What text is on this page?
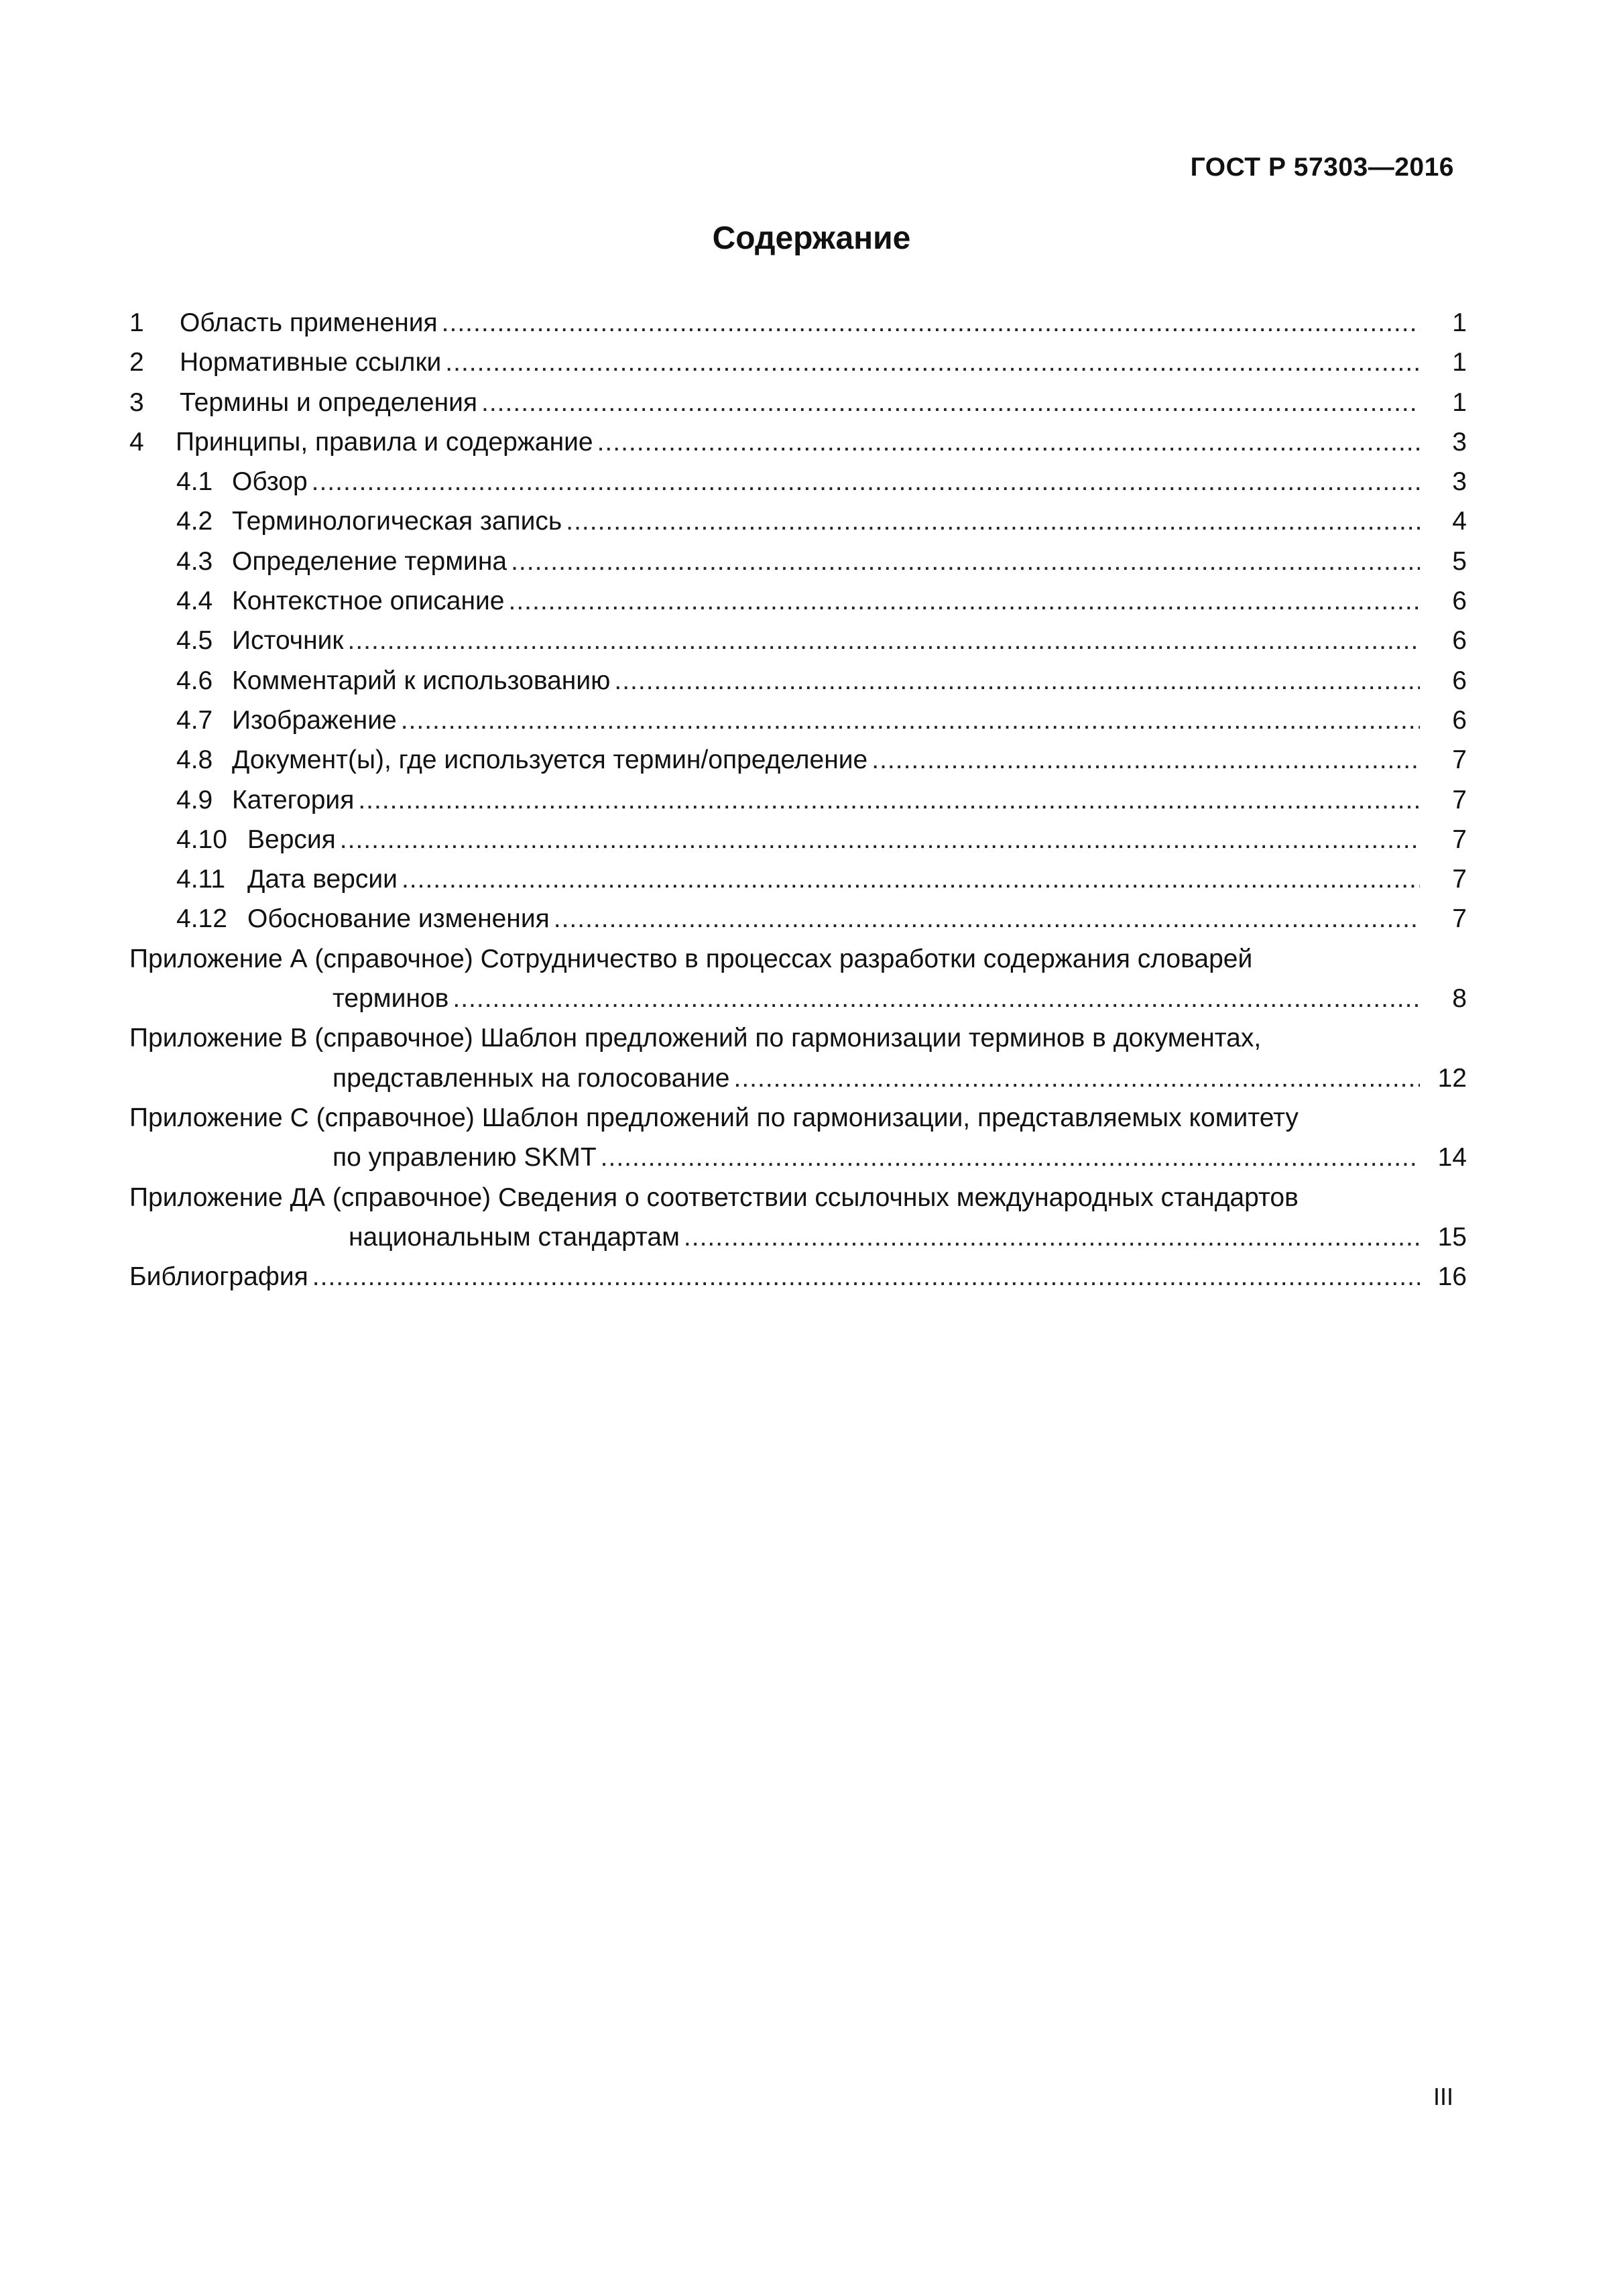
ГОСТ Р 57303—2016
Содержание
1 Область применения .....	1
2 Нормативные ссылки .....	1
3 Термины и определения .....	1
4 Принципы, правила и содержание .....	3
4.1 Обзор .....	3
4.2 Терминологическая запись .....	4
4.3 Определение термина .....	5
4.4 Контекстное описание .....	6
4.5 Источник .....	6
4.6 Комментарий к использованию .....	6
4.7 Изображение .....	6
4.8 Документ(ы), где используется термин/определение .....	7
4.9 Категория .....	7
4.10 Версия .....	7
4.11 Дата версии .....	7
4.12 Обоснование изменения .....	7
Приложение А (справочное) Сотрудничество в процессах разработки содержания словарей
терминов .....	8
Приложение В (справочное) Шаблон предложений по гармонизации терминов в документах,
представленных на голосование .....	12
Приложение С (справочное) Шаблон предложений по гармонизации, представляемых комитету
по управлению SKMT .....	14
Приложение ДА (справочное) Сведения о соответствии ссылочных международных стандартов
национальным стандартам .....	15
Библиография .....	16
III
